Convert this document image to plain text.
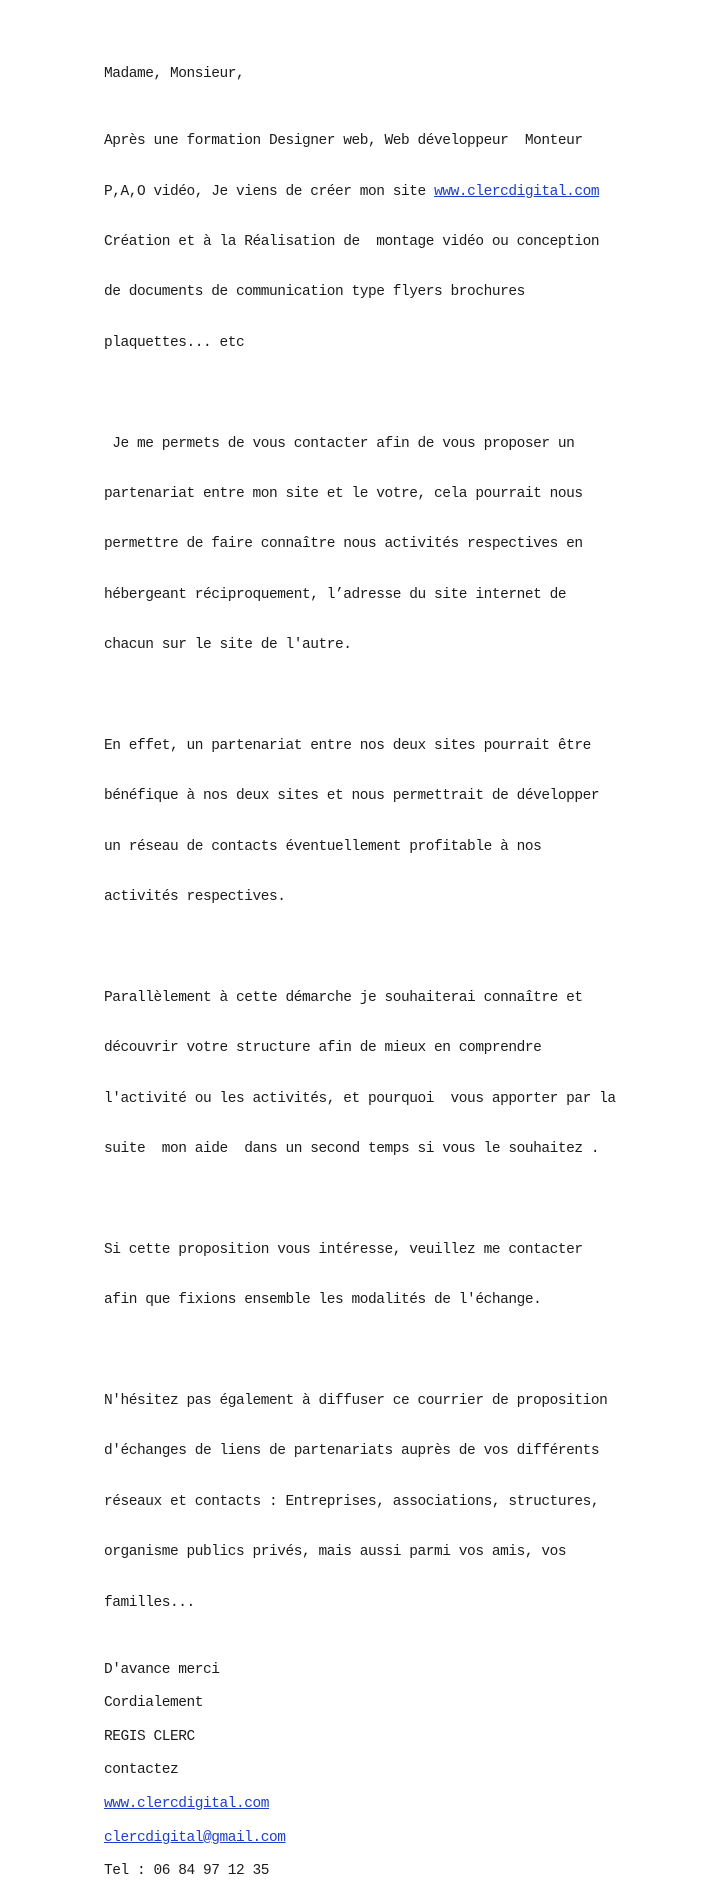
Madame, Monsieur,

Après une formation Designer web, Web développeur  Monteur

P,A,O vidéo, Je viens de créer mon site www.clercdigital.com

Création et à la Réalisation de  montage vidéo ou conception

de documents de communication type flyers brochures

plaquettes... etc

Je me permets de vous contacter afin de vous proposer un

partenariat entre mon site et le votre, cela pourrait nous

permettre de faire connaître nous activités respectives en

hébergeant réciproquement, l’adresse du site internet de

chacun sur le site de l'autre.

En effet, un partenariat entre nos deux sites pourrait être

bénéfique à nos deux sites et nous permettrait de développer

un réseau de contacts éventuellement profitable à nos

activités respectives.

Parallèlement à cette démarche je souhaiterai connaître et

découvrir votre structure afin de mieux en comprendre

l'activité ou les activités, et pourquoi  vous apporter par la

suite  mon aide  dans un second temps si vous le souhaitez .

Si cette proposition vous intéresse, veuillez me contacter

afin que fixions ensemble les modalités de l'échange.

N'hésitez pas également à diffuser ce courrier de proposition

d'échanges de liens de partenariats auprès de vos différents

réseaux et contacts : Entreprises, associations, structures,

organisme publics privés, mais aussi parmi vos amis, vos

familles...

D'avance merci
Cordialement
REGIS CLERC
contactez
www.clercdigital.com
clercdigital@gmail.com
Tel : 06 84 97 12 35
